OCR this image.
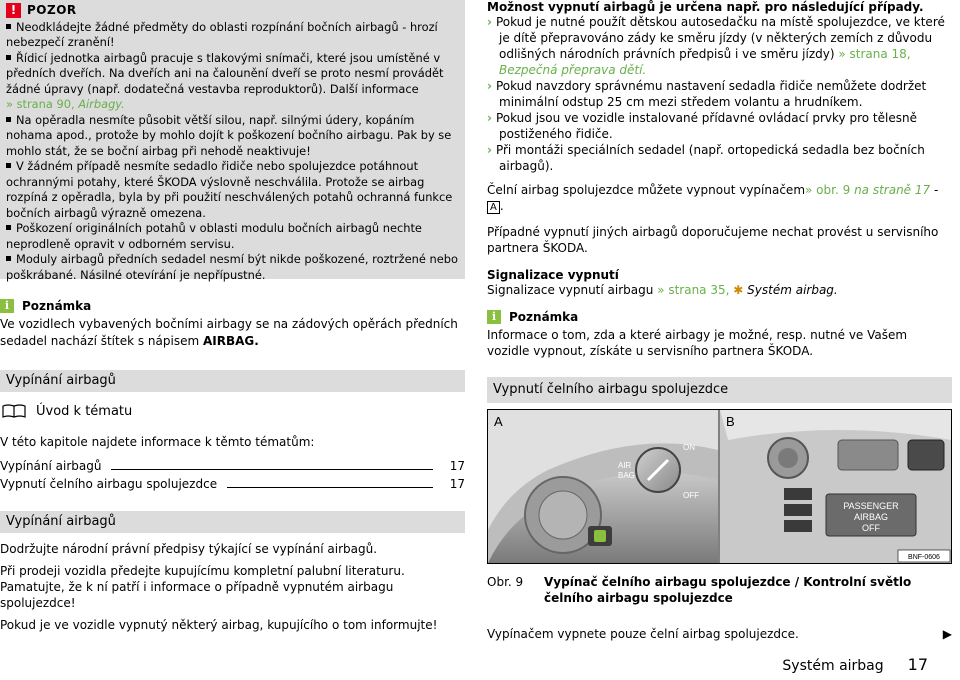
! POZOR

Neodkládejte žádné předměty do oblasti rozpínání bočních airbagů - hrozí nebezpečí zranění!

Řídicí jednotka airbagů pracuje s tlakovými snímači, které jsou umístěné v předních dveřích. Na dveřích ani na čalounění dveří se proto nesmí provádět žádné úpravy (např. dodatečná vestavba reproduktorů). Další informace
» strana 90, Airbagy.

Na opěradla nesmíte působit větší silou, např. silnými údery, kopáním nohama apod., protože by mohlo dojít k poškození bočního airbagu. Pak by se mohlo stát, že se boční airbag při nehodě neaktivuje!

V žádném případě nesmíte sedadlo řidiče nebo spolujezdce potáhnout ochrannými potahy, které ŠKODA výslovně neschválila. Protože se airbag rozpíná z opěradla, byla by při použití neschválených potahů ochranná funkce bočních airbagů výrazně omezena.

Poškození originálních potahů v oblasti modulu bočních airbagů nechte neprodleně opravit v odborném servisu.

Moduly airbagů předních sedadel nesmí být nikde poškozené, roztržené nebo poškrábané. Násilné otevírání je nepřípustné.

i	Poznámka
Ve vozidlech vybavených bočními airbagy se na zádových opěrách předních sedadel nachází štítek s nápisem AIRBAG.
Vypínání airbagů
Úvod k tématu
V této kapitole najdete informace k těmto tématům:
Vypínání airbagů	17
Vypnutí čelního airbagu spolujezdce	17
Vypínání airbagů

Dodržujte národní právní předpisy týkající se vypínání airbagů.

Při prodeji vozidla předejte kupujícímu kompletní palubní literaturu. Pamatujte, že k ní patří i informace o případně vypnutém airbagu spolujezdce!

Pokud je ve vozidle vypnutý některý airbag, kupujícího o tom informujte!

Možnost vypnutí airbagů je určena např. pro následující případy.

› Pokud je nutné použít dětskou autosedačku na místě spolujezdce, ve které je dítě přepravováno zády ke směru jízdy (v některých zemích z důvodu odlišných národních právních předpisů i ve směru jízdy) » strana 18, Bezpečná přeprava dětí.

› Pokud navzdory správnému nastavení sedadla řidiče nemůžete dodržet minimální odstup 25 cm mezi středem volantu a hrudníkem.

› Pokud jsou ve vozidle instalované přídavné ovládací prvky pro tělesně postiženého řidiče.

› Při montáži speciálních sedadel (např. ortopedická sedadla bez bočních airbagů).

Čelní airbag spolujezdce můžete vypnout vypínačem» obr. 9 na straně 17 - A .

Případné vypnutí jiných airbagů doporučujeme nechat provést u servisního partnera ŠKODA.

Signalizace vypnutí

Signalizace vypnutí airbagu » strana 35, ✱ Systém airbag.

i	Poznámka

Informace o tom, zda a které airbagy je možné, resp. nutné ve Vašem vozidle vypnout, získáte u servisního partnera ŠKODA.

Vypnutí čelního airbagu spolujezdce
AIR
BAG
ON
OFF
A
PASSENGER
AIRBAG
OFF
B
BNF-0606
Obr. 9	Vypínač čelního airbagu spolujezdce / Kontrolní světlo čelního airbagu spolujezdce

Vypínačem vypnete pouze čelní airbag spolujezdce.	▶

Systém airbag 17
